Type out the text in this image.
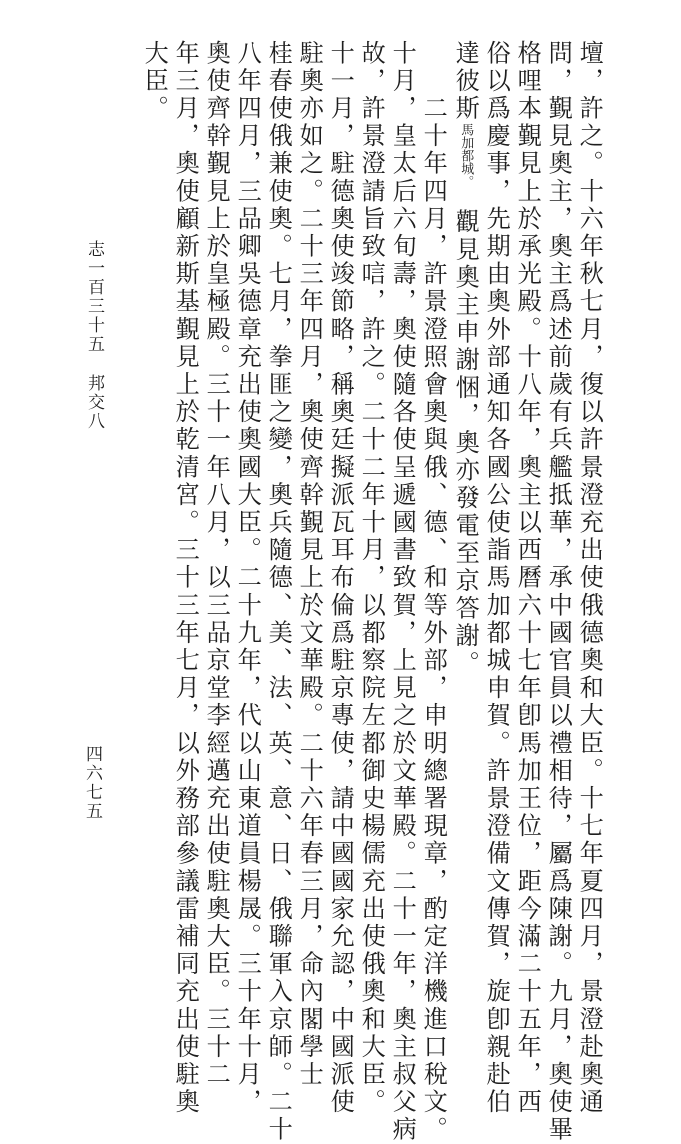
壇，許之。十六年秋七月，復以許景澄充出使俄德奧和大臣。十七年夏四月，景澄赴奧通
問，覲見奧主，奧主爲述前歲有兵艦抵華，承中國官員以禮相待，屬爲陳謝。九月，奧使畢
格哩本覲見上於承光殿。十八年，奧主以西曆六十七年卽馬加王位，距今滿二十五年，西
俗以爲慶事，先期由奧外部通知各國公使詣馬加都城申賀。許景澄備文傳賀，旋卽親赴伯
達彼斯馬加都城。　觀見奧主申謝悃，奧亦發電至京答謝。
　　二十年四月，許景澄照會奧與俄、德、和等外部，申明總署現章，酌定洋機進口稅文。
十月，皇太后六旬壽，奧使隨各使呈遞國書致賀，上見之於文華殿。二十一年，奧主叔父病
故，許景澄請旨致唁，許之。二十二年十月，以都察院左都御史楊儒充出使俄奧和大臣。
十一月，駐德奧使竣節略，稱奧廷擬派瓦耳布倫爲駐京專使，請中國國家允認，中國派使
駐奧亦如之。二十三年四月，奧使齊幹覲見上於文華殿。二十六年春三月，命內閣學士
桂春使俄兼使奧。七月，拳匪之變，奧兵隨德、美、法、英、意、日、俄聯軍入京師。二十
八年四月，三品卿吳德章充出使奧國大臣。二十九年，代以山東道員楊晟。三十年十月，
奧使齊幹覲見上於皇極殿。三十一年八月，以三品京堂李經邁充出使駐奧大臣。三十二
年三月，奧使顧新斯基覲見上於乾清宮。三十三年七月，以外務部參議雷補同充出使駐奧
大臣。
志一百三十五邦交八
四六七五
